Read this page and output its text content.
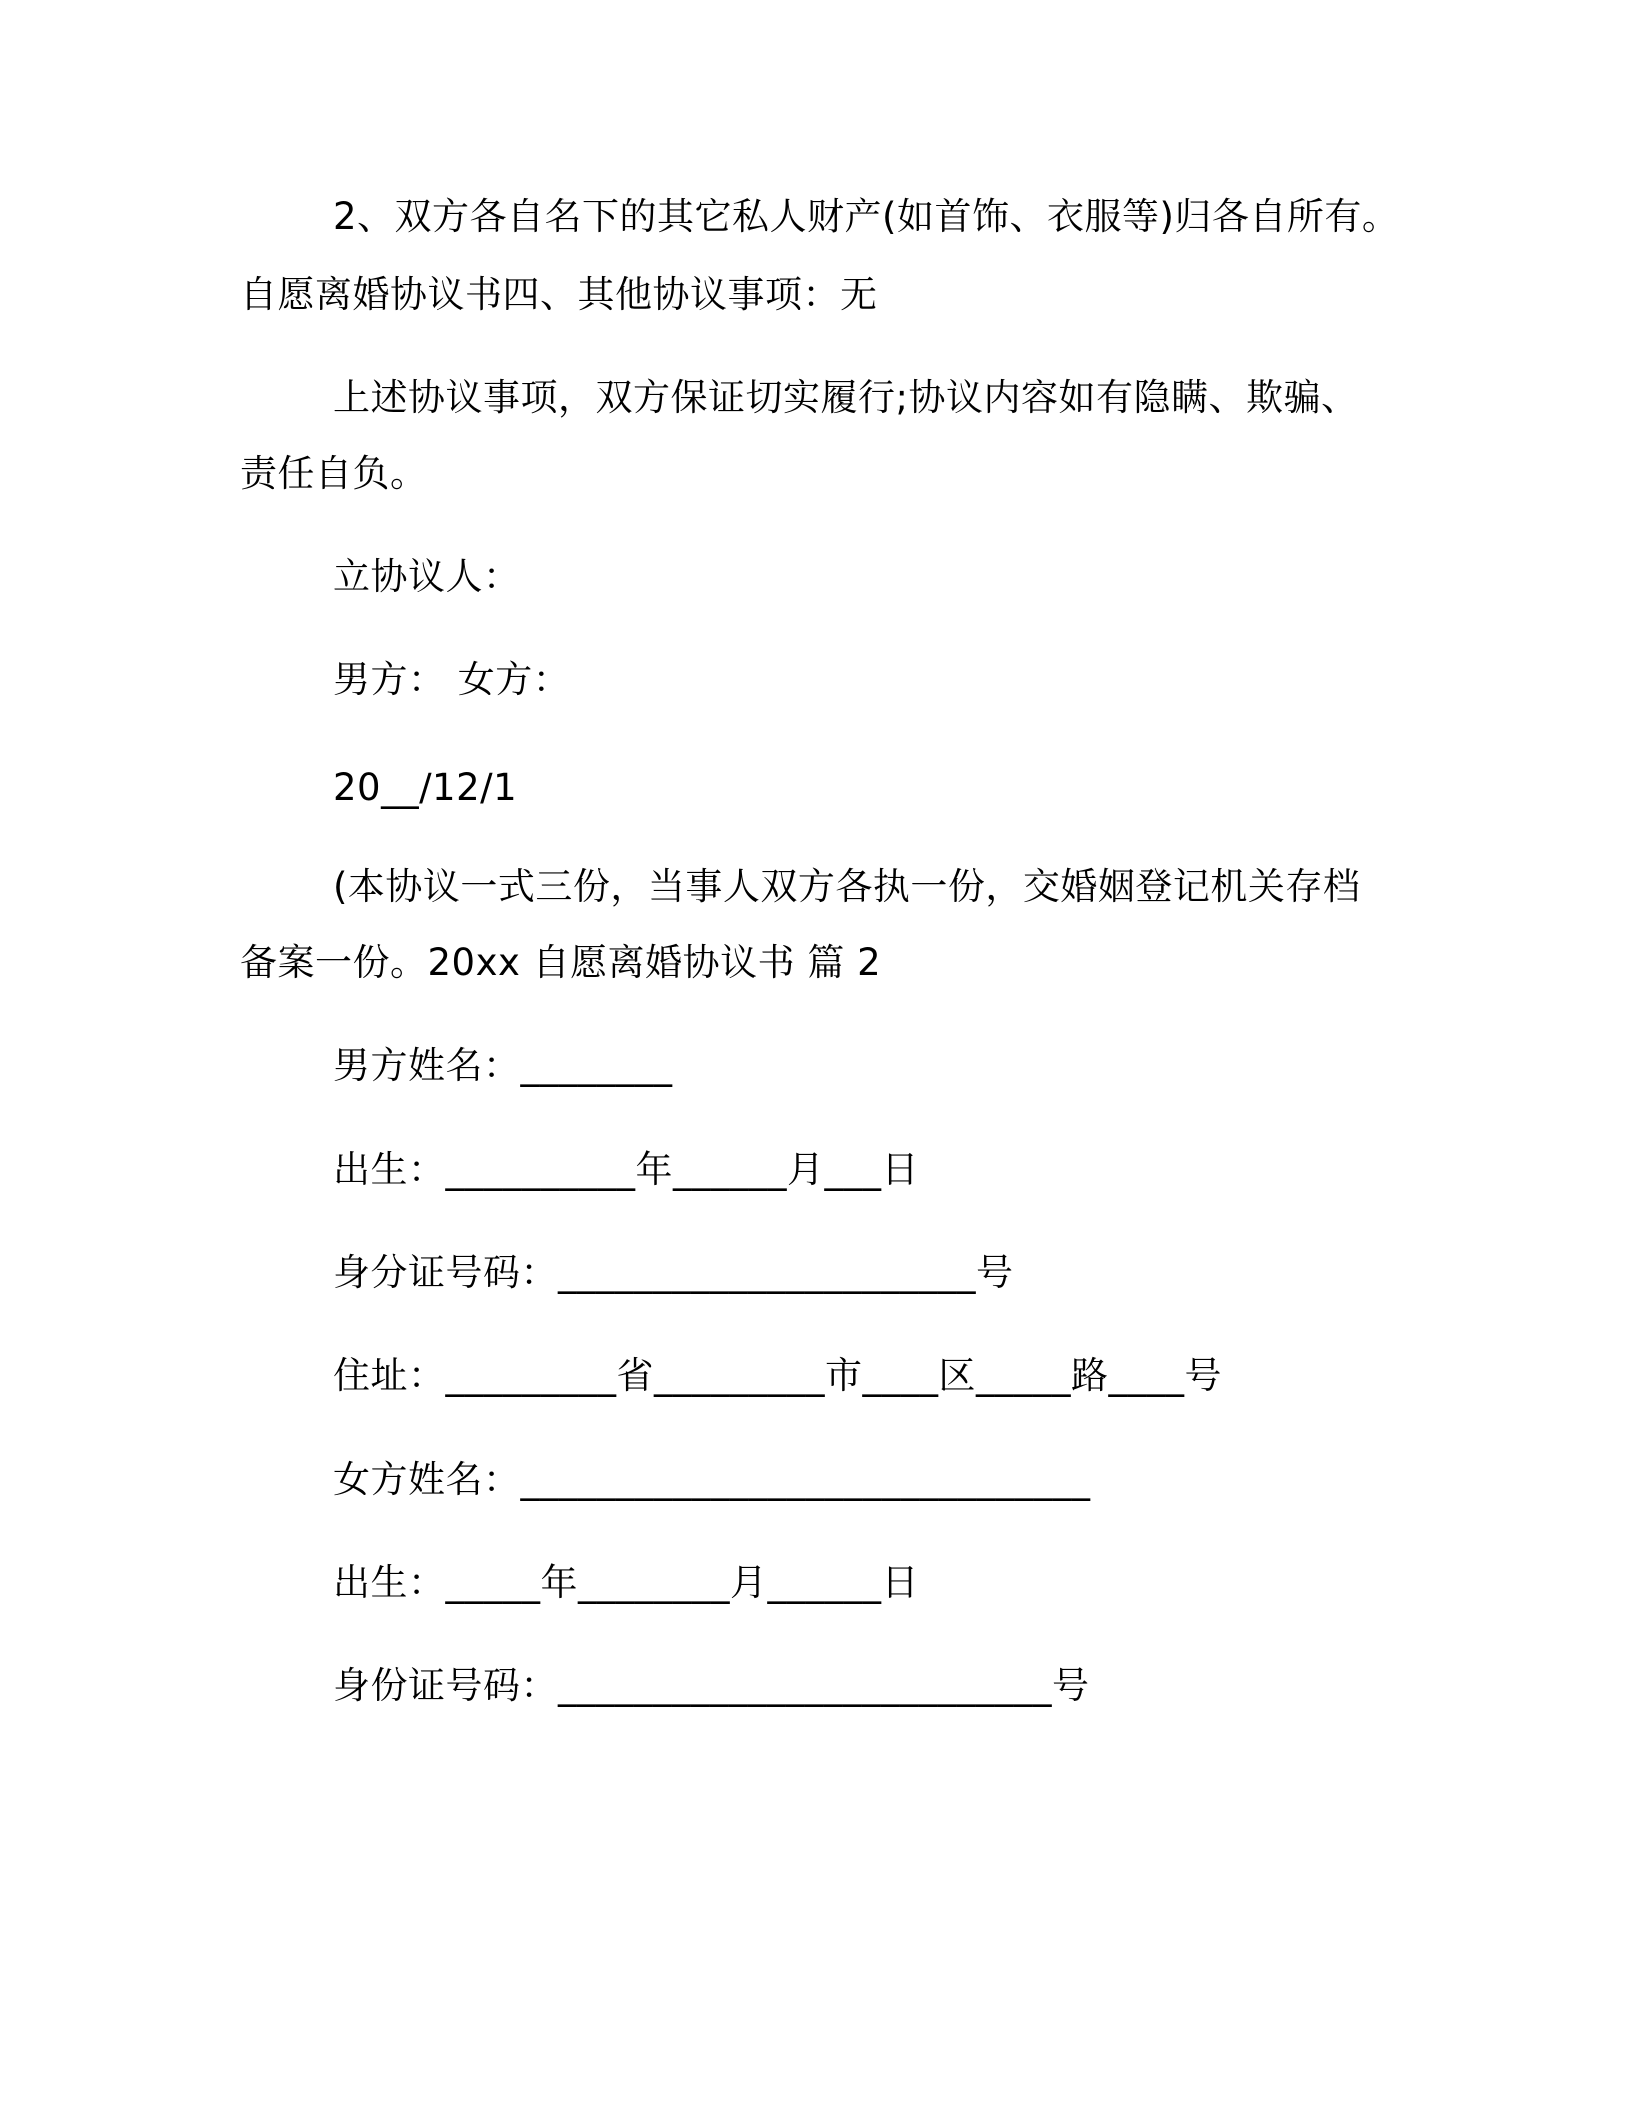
2、双方各自名下的其它私人财产(如首饰、衣服等)归各自所有。
自愿离婚协议书四、其他协议事项：无
上述协议事项，双方保证切实履行;协议内容如有隐瞒、欺骗、
责任自负。
立协议人：
男方： 女方：
20__/12/1
(本协议一式三份，当事人双方各执一份，交婚姻登记机关存档
备案一份。20xx 自愿离婚协议书 篇 2
男方姓名：________
出生：__________年______月___日
身分证号码：______________________号
住址：_________省_________市____区_____路____号
女方姓名：______________________________
出生：_____年________月______日
身份证号码：__________________________号
